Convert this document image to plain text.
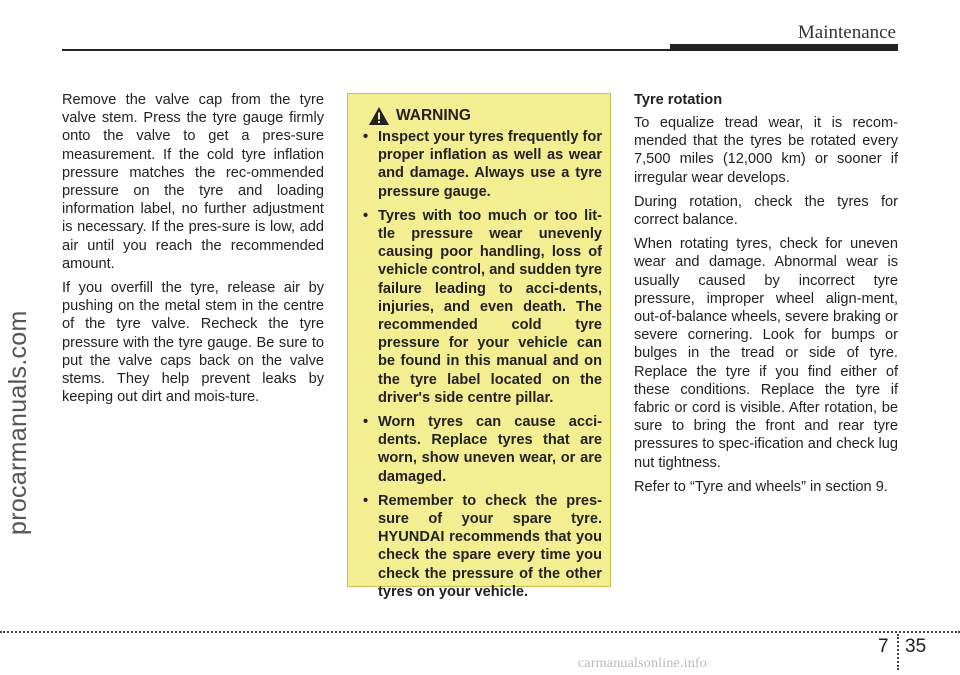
Maintenance
procarmanuals.com

Remove the valve cap from the tyre valve stem. Press the tyre gauge firmly onto the valve to get a pres-sure measurement. If the cold tyre inflation pressure matches the rec-ommended pressure on the tyre and loading information label, no further adjustment is necessary. If the pres-sure is low, add air until you reach the recommended amount.

If you overfill the tyre, release air by pushing on the metal stem in the centre of the tyre valve. Recheck the tyre pressure with the tyre gauge. Be sure to put the valve caps back on the valve stems. They help prevent leaks by keeping out dirt and mois-ture.

WARNING
• Inspect your tyres frequently for proper inflation as well as wear and damage. Always use a tyre pressure gauge.
• Tyres with too much or too lit-tle pressure wear unevenly causing poor handling, loss of vehicle control, and sudden tyre failure leading to acci-dents, injuries, and even death. The recommended cold tyre pressure for your vehicle can be found in this manual and on the tyre label located on the driver's side centre pillar.
• Worn tyres can cause acci-dents. Replace tyres that are worn, show uneven wear, or are damaged.
• Remember to check the pres-sure of your spare tyre. HYUNDAI recommends that you check the spare every time you check the pressure of the other tyres on your vehicle.
Tyre rotation

To equalize tread wear, it is recom-mended that the tyres be rotated every 7,500 miles (12,000 km) or sooner if irregular wear develops.

During rotation, check the tyres for correct balance.

When rotating tyres, check for uneven wear and damage. Abnormal wear is usually caused by incorrect tyre pressure, improper wheel align-ment, out-of-balance wheels, severe braking or severe cornering. Look for bumps or bulges in the tread or side of tyre. Replace the tyre if you find either of these conditions. Replace the tyre if fabric or cord is visible. After rotation, be sure to bring the front and rear tyre pressures to spec-ification and check lug nut tightness.

Refer to “Tyre and wheels” in section 9.

7 35
carmanualsonline.info
